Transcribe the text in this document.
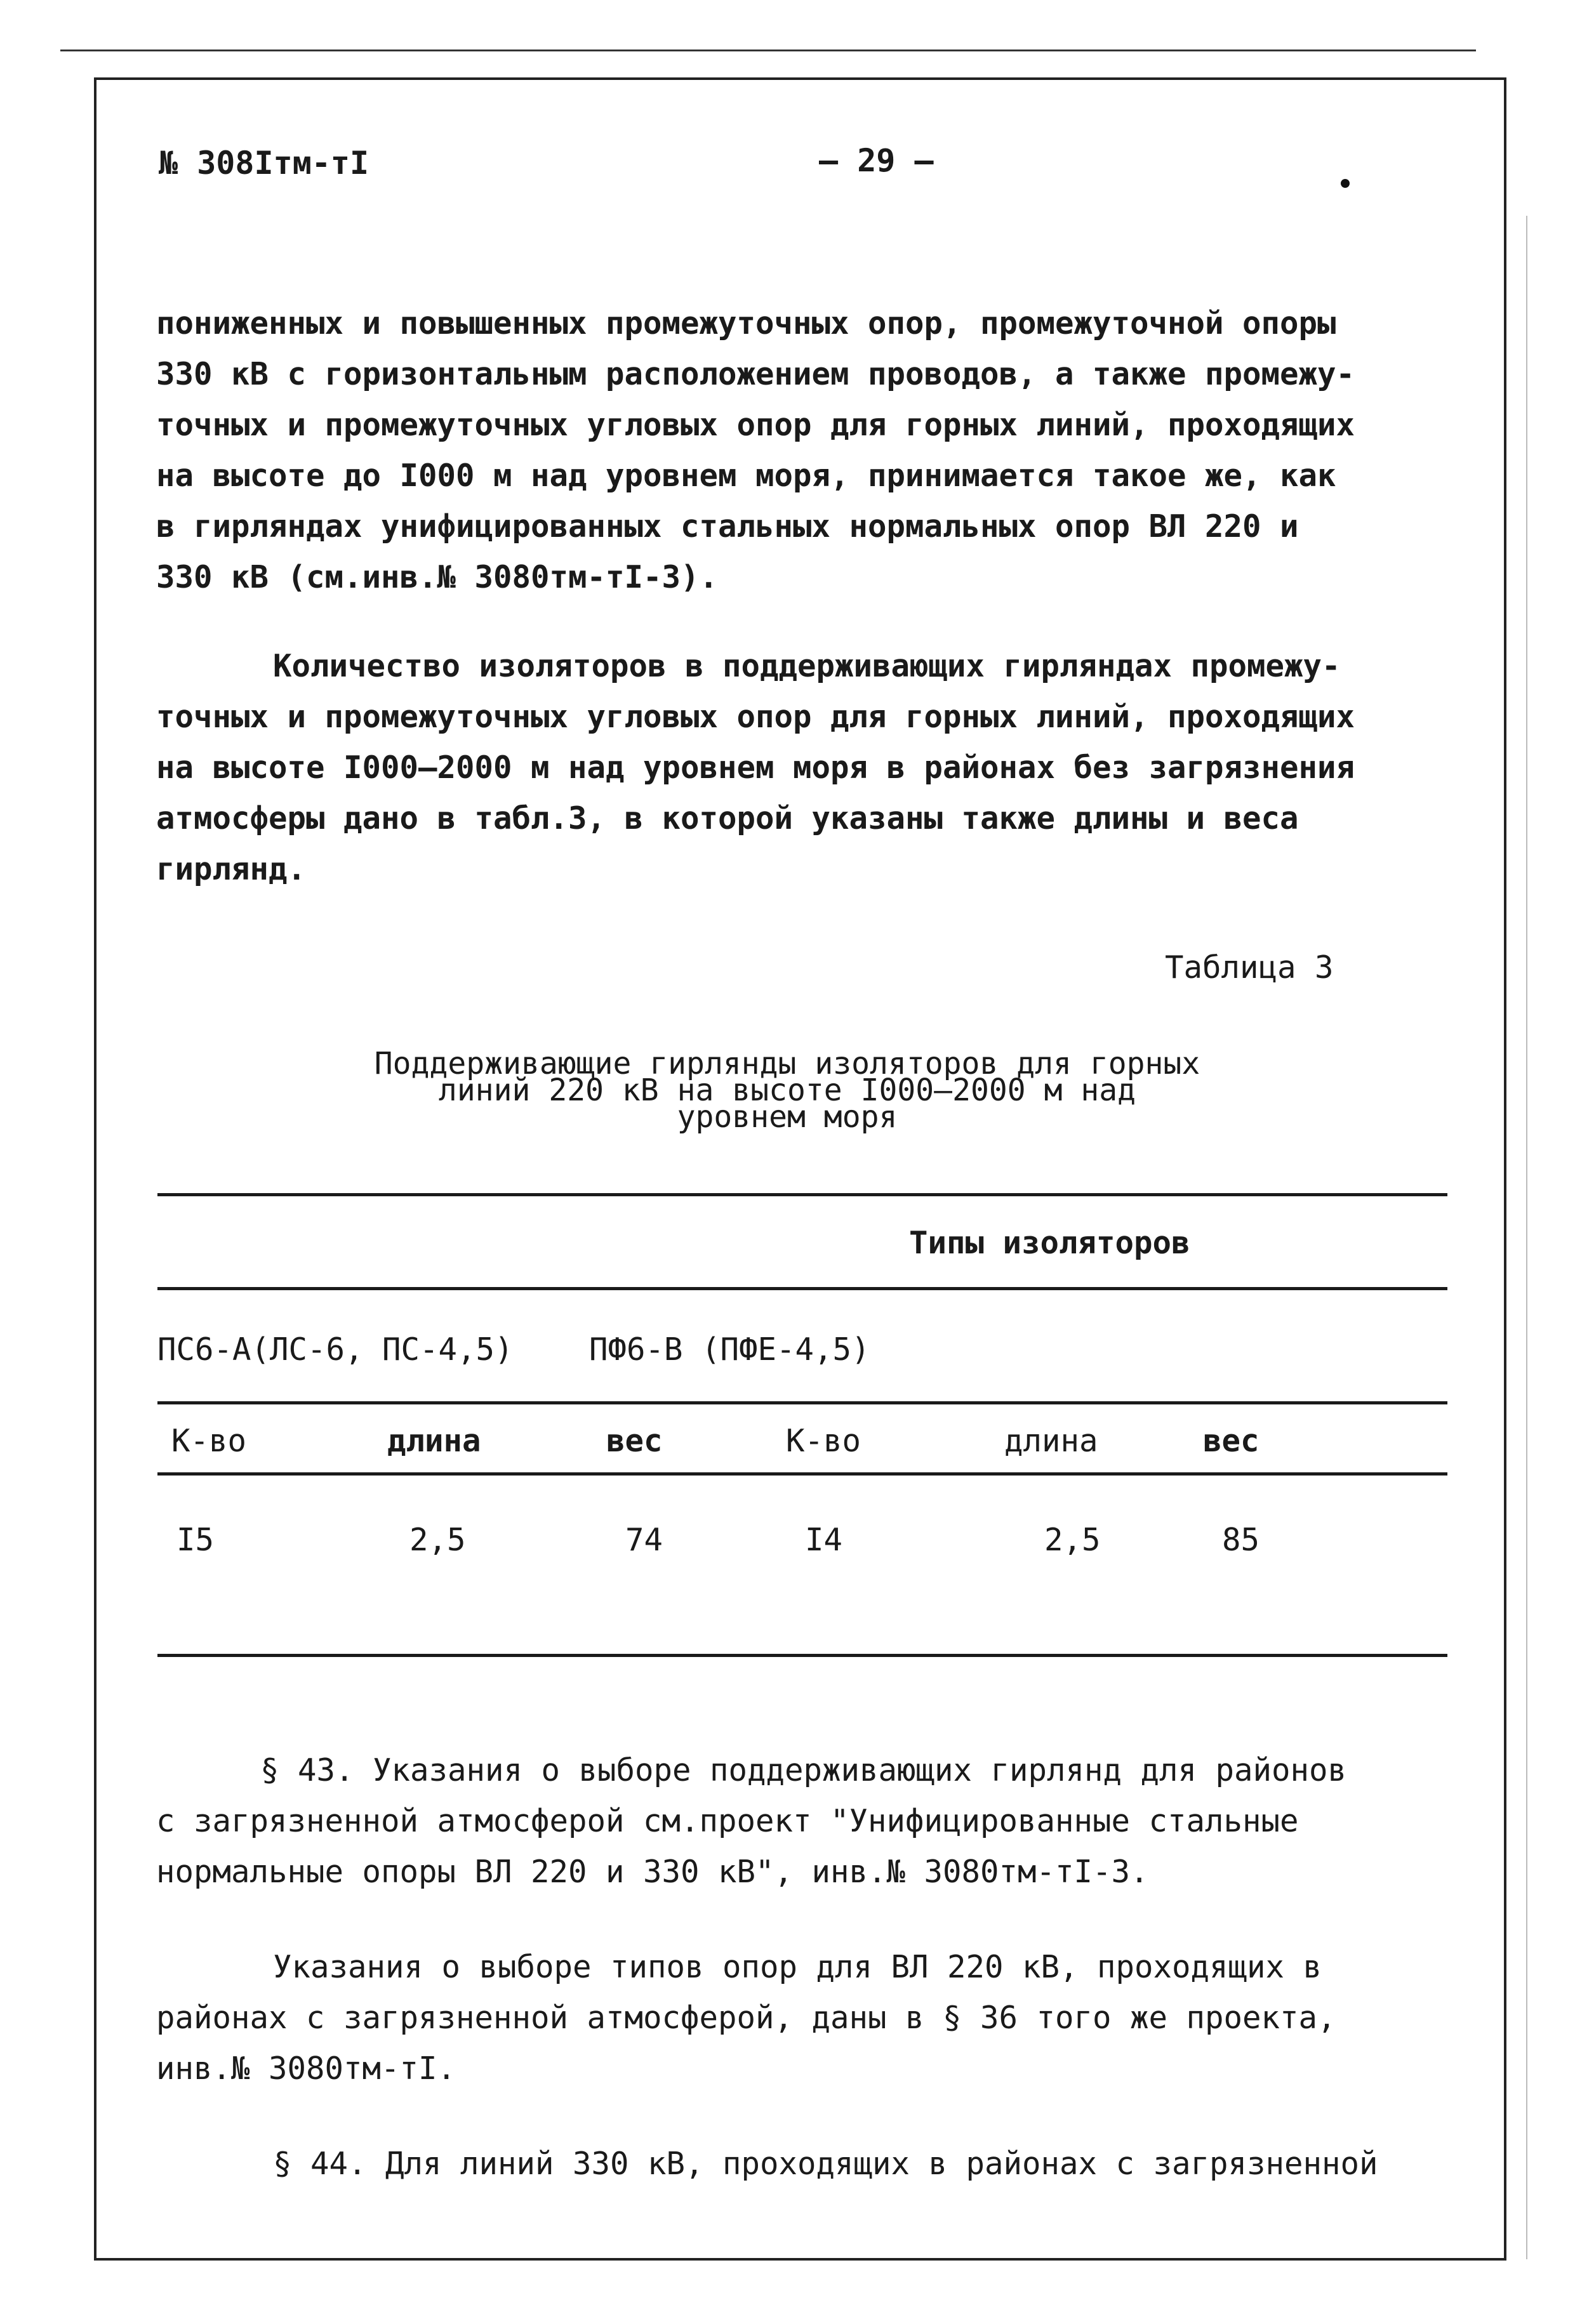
№ 308Iтм-тI	– 29 –
пониженных и повышенных промежуточных опор, промежуточной опоры
330 кВ с горизонтальным расположением проводов, а также промежу-
точных и промежуточных угловых опор для горных линий, проходящих
на высоте до I000 м над уровнем моря, принимается такое же, как
в гирляндах унифицированных стальных нормальных опор ВЛ 220 и
330 кВ (см.инв.№ 3080тм-тI-3).
Количество изоляторов в поддерживающих гирляндах промежу-
точных и промежуточных угловых опор для горных линий, проходящих
на высоте I000–2000 м над уровнем моря в районах без загрязнения
атмосферы дано в табл.3, в которой указаны также длины и веса
гирлянд.
Таблица 3
Поддерживающие гирлянды изоляторов для горных
линий 220 кВ на высоте I000–2000 м над
уровнем моря
Типы изоляторов
ПС6-А(ЛС-6, ПС-4,5) ПФ6-В (ПФЕ-4,5)
К-во	длина	вес	К-во	длина	вес
I5	2,5	74	I4	2,5	85
§ 43. Указания о выборе поддерживающих гирлянд для районов
с загрязненной атмосферой см.проект "Унифицированные стальные
нормальные опоры ВЛ 220 и 330 кВ", инв.№ 3080тм-тI-3.
Указания о выборе типов опор для ВЛ 220 кВ, проходящих в
районах с загрязненной атмосферой, даны в § 36 того же проекта,
инв.№ 3080тм-тI.
§ 44. Для линий 330 кВ, проходящих в районах с загрязненной
